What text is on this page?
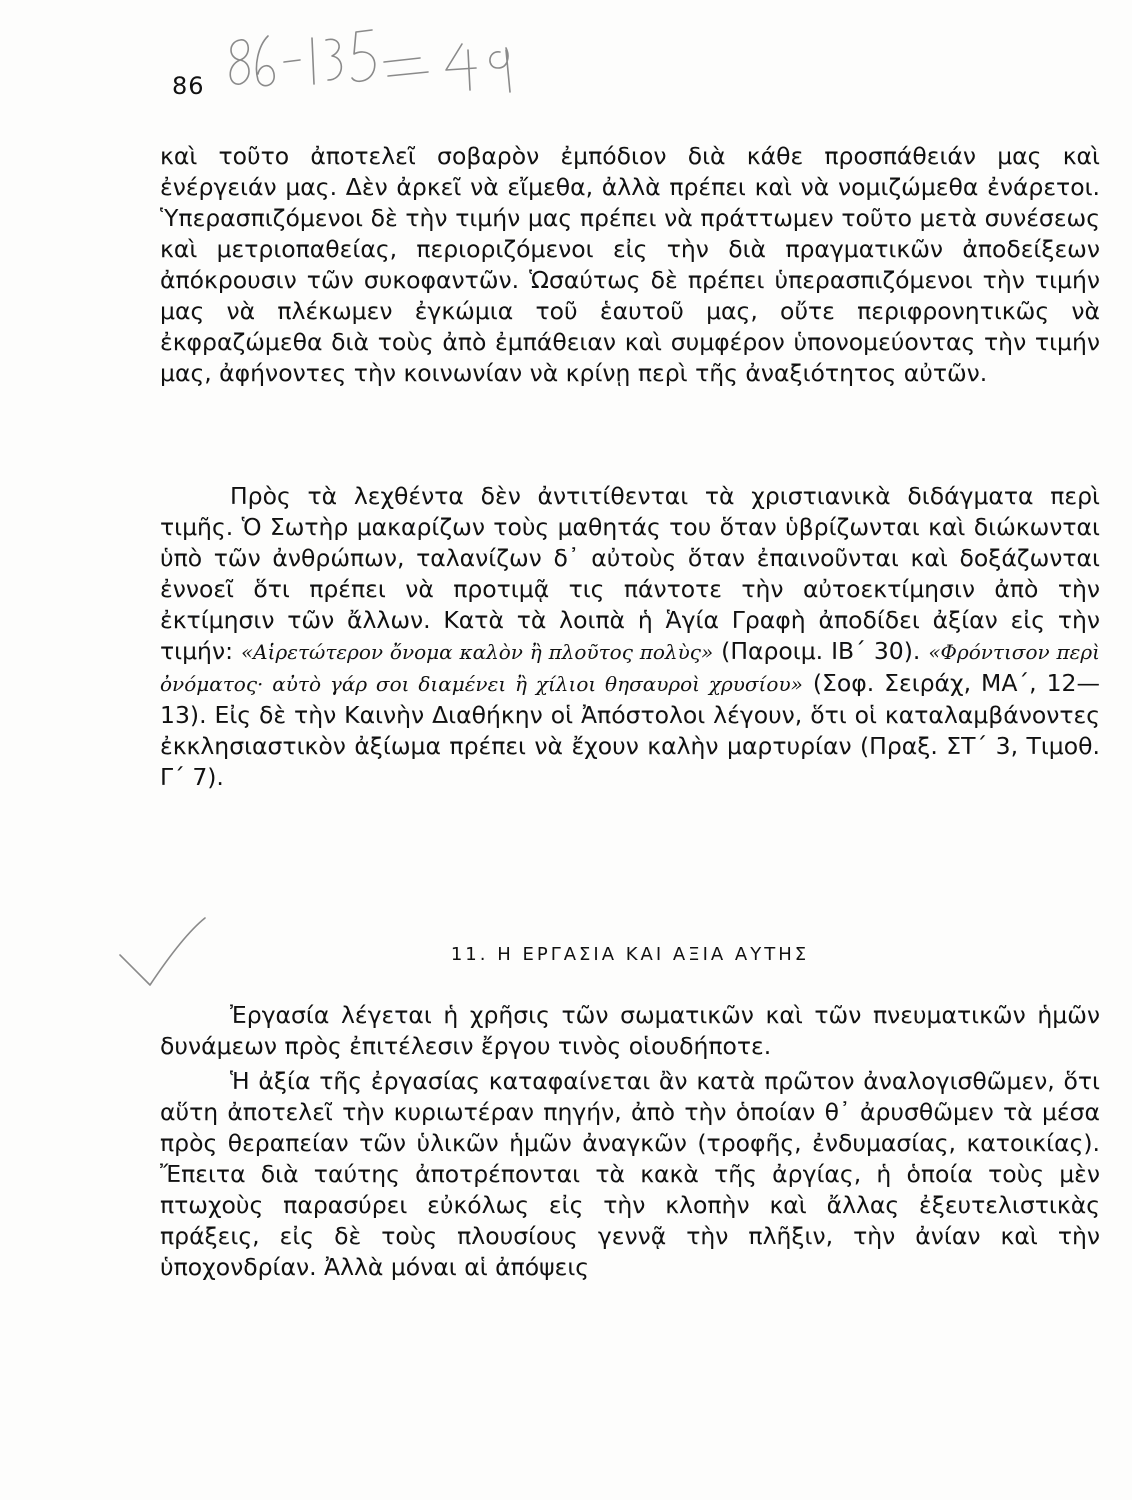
86

καὶ τοῦτο ἀποτελεῖ σοβαρὸν ἐμπόδιον διὰ κάθε προσπάθειάν μας καὶ ἐνέργειάν μας. Δὲν ἀρκεῖ νὰ εἴμεθα, ἀλλὰ πρέπει καὶ νὰ νομιζώμεθα ἐνάρετοι. Ὑπερασπιζόμενοι δὲ τὴν τιμήν μας πρέπει νὰ πράττωμεν τοῦτο μετὰ συνέσεως καὶ μετριοπαθείας, περιοριζόμενοι εἰς τὴν διὰ πραγματικῶν ἀποδείξεων ἀπόκρουσιν τῶν συκοφαντῶν. Ὡσαύτως δὲ πρέπει ὑπερασπιζόμενοι τὴν τιμήν μας νὰ πλέκωμεν ἐγκώμια τοῦ ἑαυτοῦ μας, οὔτε περιφρονητικῶς νὰ ἐκφραζώμεθα διὰ τοὺς ἀπὸ ἐμπάθειαν καὶ συμφέρον ὑπονομεύοντας τὴν τιμήν μας, ἀφήνοντες τὴν κοινωνίαν νὰ κρίνῃ περὶ τῆς ἀναξιότητος αὐτῶν.

Πρὸς τὰ λεχθέντα δὲν ἀντιτίθενται τὰ χριστιανικὰ διδάγματα περὶ τιμῆς. Ὁ Σωτὴρ μακαρίζων τοὺς μαθητάς του ὅταν ὑβρίζωνται καὶ διώκωνται ὑπὸ τῶν ἀνθρώπων, ταλανίζων δ᾽ αὐτοὺς ὅταν ἐπαινοῦνται καὶ δοξάζωνται ἐννοεῖ ὅτι πρέπει νὰ προτιμᾷ τις πάντοτε τὴν αὐτοεκτίμησιν ἀπὸ τὴν ἐκτίμησιν τῶν ἄλλων. Κατὰ τὰ λοιπὰ ἡ Ἁγία Γραφὴ ἀποδίδει ἀξίαν εἰς τὴν τιμήν: «Αἱρετώτερον ὄνομα καλὸν ἢ πλοῦτος πολὺς» (Παροιμ. ΙΒ΄ 30). «Φρόντισον περὶ ὀνόματος· αὐτὸ γάρ σοι διαμένει ἢ χίλιοι θησαυροὶ χρυσίου» (Σοφ. Σειράχ, ΜΑ΄, 12—13). Εἰς δὲ τὴν Καινὴν Διαθήκην οἱ Ἀπόστολοι λέγουν, ὅτι οἱ καταλαμβάνοντες ἐκκλησιαστικὸν ἀξίωμα πρέπει νὰ ἔχουν καλὴν μαρτυρίαν (Πραξ. ΣΤ΄ 3, Τιμοθ. Γ΄ 7).

11. Η ΕΡΓΑΣΙΑ ΚΑΙ ΑΞΙΑ ΑΥΤΗΣ

Ἐργασία λέγεται ἡ χρῆσις τῶν σωματικῶν καὶ τῶν πνευματικῶν ἡμῶν δυνάμεων πρὸς ἐπιτέλεσιν ἔργου τινὸς οἱουδήποτε.

Ἡ ἀξία τῆς ἐργασίας καταφαίνεται ἂν κατὰ πρῶτον ἀναλογισθῶμεν, ὅτι αὕτη ἀποτελεῖ τὴν κυριωτέραν πηγήν, ἀπὸ τὴν ὁποίαν θ᾽ ἀρυσθῶμεν τὰ μέσα πρὸς θεραπείαν τῶν ὑλικῶν ἡμῶν ἀναγκῶν (τροφῆς, ἐνδυμασίας, κατοικίας). Ἔπειτα διὰ ταύτης ἀποτρέπονται τὰ κακὰ τῆς ἀργίας, ἡ ὁποία τοὺς μὲν πτωχοὺς παρασύρει εὐκόλως εἰς τὴν κλοπὴν καὶ ἄλλας ἐξευτελιστικὰς πράξεις, εἰς δὲ τοὺς πλουσίους γεννᾷ τὴν πλῆξιν, τὴν ἀνίαν καὶ τὴν ὑποχονδρίαν. Ἀλλὰ μόναι αἱ ἀπόψεις
